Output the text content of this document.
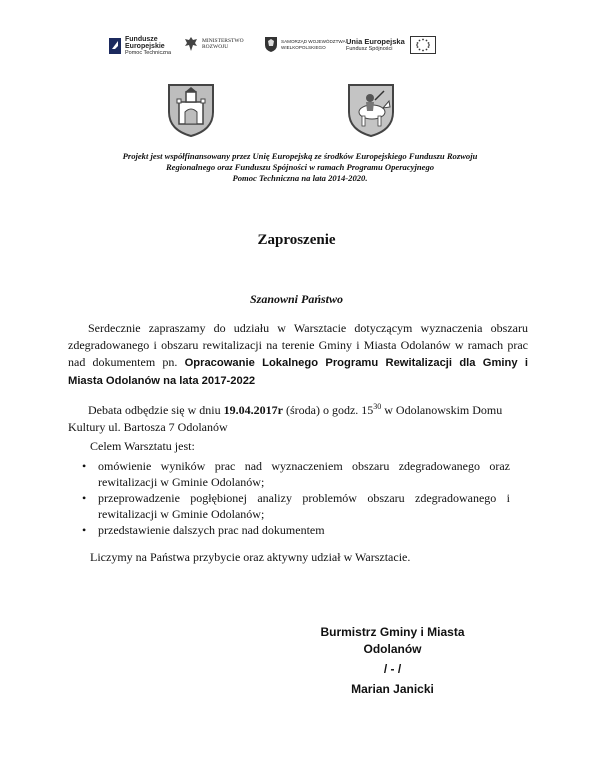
Fundusze
Europejskie
Pomoc Techniczna
MINISTERSTWO
ROZWOJU
SAMORZĄD WOJEWÓDZTWA
WIELKOPOLSKIEGO
Unia Europejska
Fundusz Spójności
Projekt jest współfinansowany przez Unię Europejską ze środków Europejskiego Funduszu Rozwoju
Regionalnego oraz Funduszu Spójności w ramach Programu Operacyjnego
Pomoc Techniczna na lata 2014-2020.
Zaproszenie
Szanowni Państwo
Serdecznie zapraszamy do udziału w Warsztacie dotyczącym wyznaczenia obszaru zdegradowanego i obszaru rewitalizacji na terenie Gminy i Miasta Odolanów w ramach prac nad dokumentem pn. Opracowanie Lokalnego Programu Rewitalizacji dla Gminy i Miasta Odolanów na lata 2017-2022
Debata odbędzie się w dniu 19.04.2017r (środa) o godz. $15^{30}$ w Odolanowskim Domu Kultury ul. Bartosza 7 Odolanów
Celem Warsztatu jest:
• omówienie wyników prac nad wyznaczeniem obszaru zdegradowanego oraz rewitalizacji w Gminie Odolanów;
• przeprowadzenie pogłębionej analizy problemów obszaru zdegradowanego i rewitalizacji w Gminie Odolanów;
• przedstawienie dalszych prac nad dokumentem
Liczymy na Państwa przybycie oraz aktywny udział w Warsztacie.
Burmistrz Gminy i Miasta
Odolanów
/ - /
Marian Janicki
